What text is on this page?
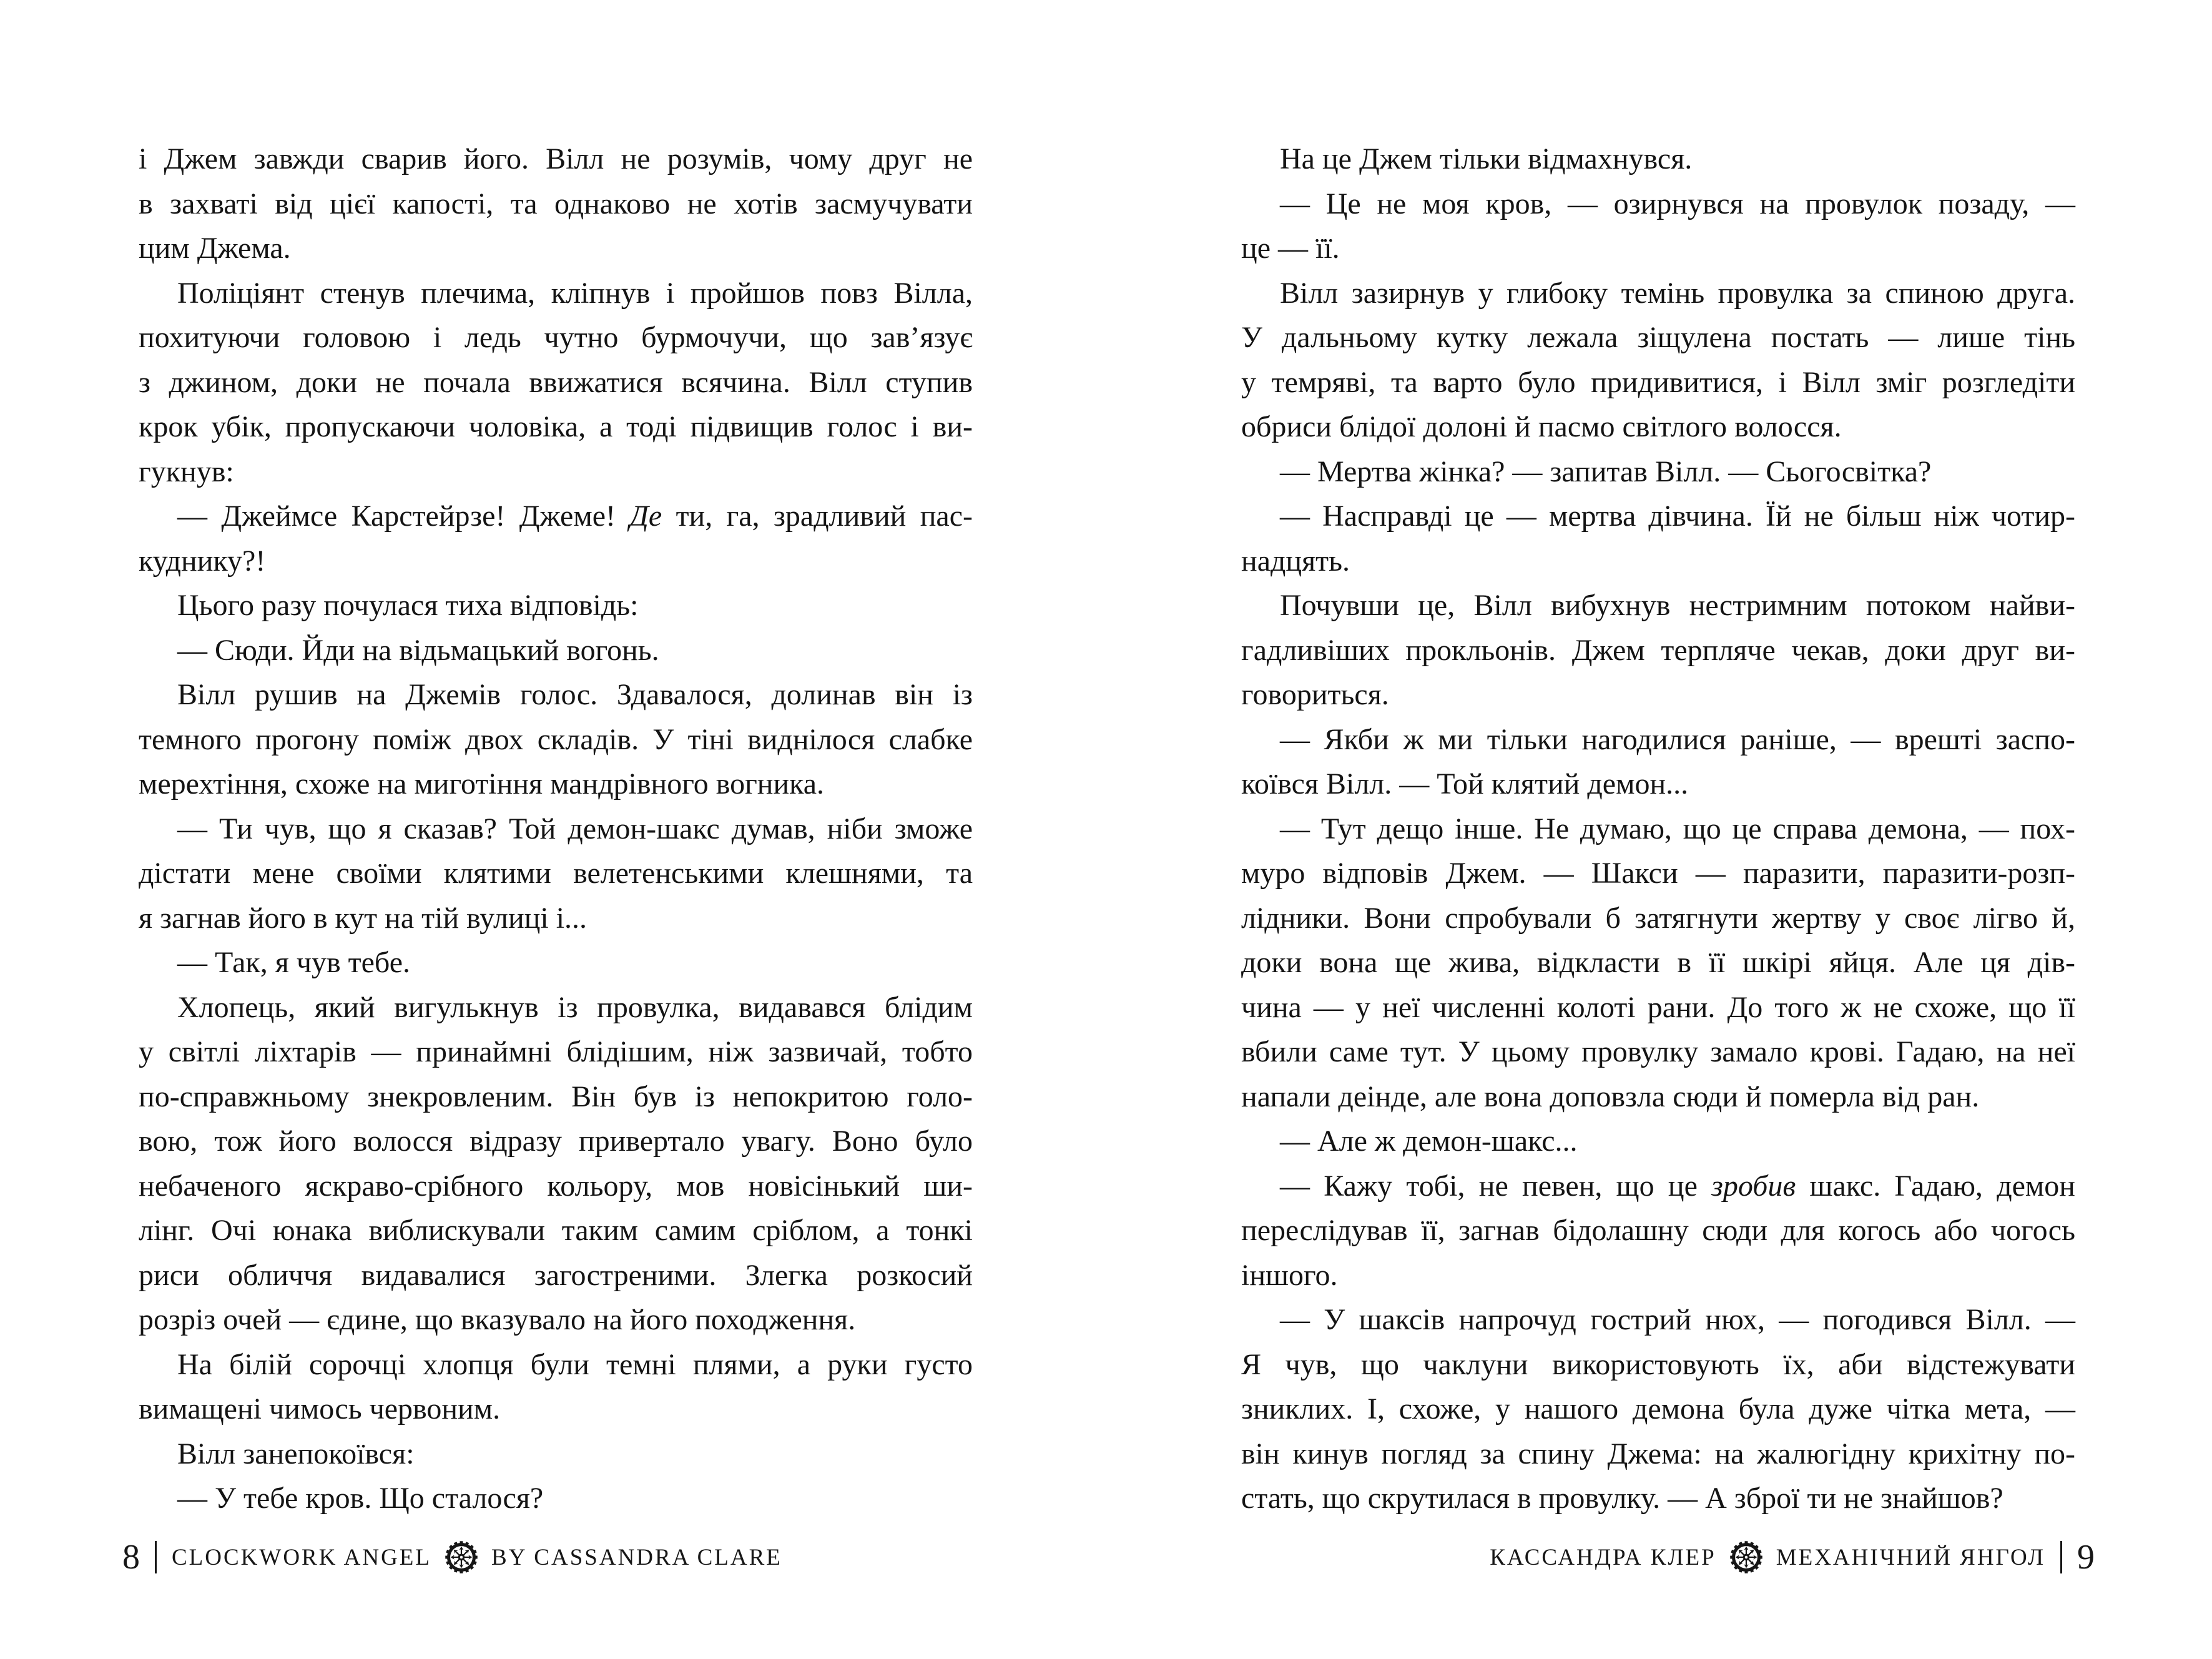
і Джем завжди сварив його. Вілл не розумів, чому друг не
в захваті від цієї капості, та однаково не хотів засмучувати
цим Джема.
Поліціянт стенув плечима, кліпнув і пройшов повз Вілла,
похитуючи головою і ледь чутно бурмочучи, що зав’язує
з джином, доки не почала ввижатися всячина. Вілл ступив
крок убік, пропускаючи чоловіка, а тоді підвищив голос і ви-
гукнув:
— Джеймсе Карстейрзе! Джеме! Де ти, га, зрадливий пас-
куднику?!
Цього разу почулася тиха відповідь:
— Сюди. Йди на відьмацький вогонь.
Вілл рушив на Джемів голос. Здавалося, долинав він із
темного прогону поміж двох складів. У тіні виднілося слабке
мерехтіння, схоже на миготіння мандрівного вогника.
— Ти чув, що я сказав? Той демон-шакс думав, ніби зможе
дістати мене своїми клятими велетенськими клешнями, та
я загнав його в кут на тій вулиці і...
— Так, я чув тебе.
Хлопець, який вигулькнув із провулка, видавався блідим
у світлі ліхтарів — принаймні блідішим, ніж зазвичай, тобто
по-справжньому знекровленим. Він був із непокритою голо-
вою, тож його волосся відразу привертало увагу. Воно було
небаченого яскраво-срібного кольору, мов новісінький ши-
лінг. Очі юнака виблискували таким самим сріблом, а тонкі
риси обличчя видавалися загостреними. Злегка розкосий
розріз очей — єдине, що вказувало на його походження.
На білій сорочці хлопця були темні плями, а руки густо
вимащені чимось червоним.
Вілл занепокоївся:
— У тебе кров. Що сталося?
На це Джем тільки відмахнувся.
— Це не моя кров, — озирнувся на провулок позаду, —
це — її.
Вілл зазирнув у глибоку темінь провулка за спиною друга.
У дальньому кутку лежала зіщулена постать — лише тінь
у темряві, та варто було придивитися, і Вілл зміг розгледіти
обриси блідої долоні й пасмо світлого волосся.
— Мертва жінка? — запитав Вілл. — Сьогосвітка?
— Насправді це — мертва дівчина. Їй не більш ніж чотир-
надцять.
Почувши це, Вілл вибухнув нестримним потоком найви-
гадливіших прокльонів. Джем терпляче чекав, доки друг ви-
говориться.
— Якби ж ми тільки нагодилися раніше, — врешті заспо-
коївся Вілл. — Той клятий демон...
— Тут дещо інше. Не думаю, що це справа демона, — пох-
муро відповів Джем. — Шакси — паразити, паразити-розп-
лідники. Вони спробували б затягнути жертву у своє лігво й,
доки вона ще жива, відкласти в її шкірі яйця. Але ця дів-
чина — у неї численні колоті рани. До того ж не схоже, що її
вбили саме тут. У цьому провулку замало крові. Гадаю, на неї
напали деінде, але вона доповзла сюди й померла від ран.
— Але ж демон-шакс...
— Кажу тобі, не певен, що це зробив шакс. Гадаю, демон
переслідував її, загнав бідолашну сюди для когось або чогось
іншого.
— У шаксів напрочуд гострий нюх, — погодився Вілл. —
Я чув, що чаклуни використовують їх, аби відстежувати
зниклих. І, схоже, у нашого демона була дуже чітка мета, —
він кинув погляд за спину Джема: на жалюгідну крихітну по-
стать, що скрутилася в провулку. — А зброї ти не знайшов?
8 CLOCKWORK ANGEL	BY CASSANDRA CLARE	КАССАНДРА КЛЕР	МЕХАНІЧНИЙ ЯНГОЛ 9
